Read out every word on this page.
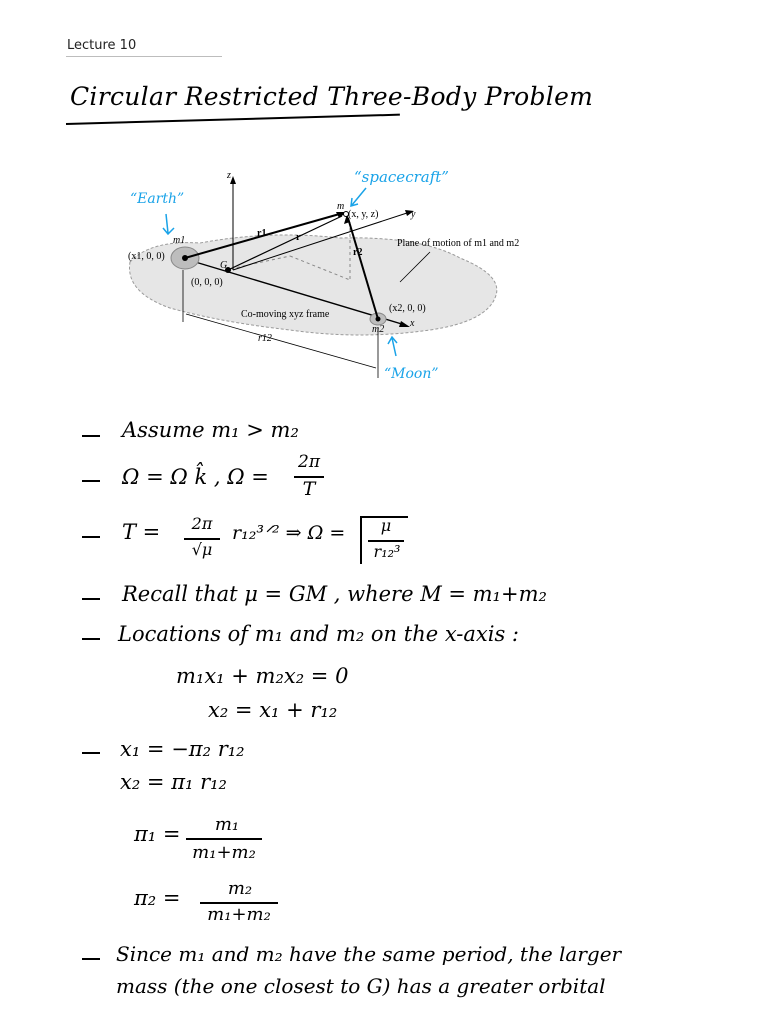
Lecture 10
Circular Restricted Three-Body Problem
“Earth”
“spacecraft”
“Moon”
z
y
x
m
(x, y, z)
m1
(x1, 0, 0)
(0, 0, 0)
G
r1	r
r2
Plane of motion of m1 and m2
(x2, 0, 0)
m2
Co-moving xyz frame
r12
Assume m₁ > m₂
Ω = Ω k̂ , Ω =
2π
T
T =	2π
√μ
r₁₂³ᐟ² ⇒ Ω =	μ
r₁₂³
Recall that μ = GM , where M = m₁+m₂
Locations of m₁ and m₂ on the x-axis :
m₁x₁ + m₂x₂ = 0
x₂ = x₁ + r₁₂
x₁ = −π₂ r₁₂
x₂ = π₁ r₁₂
π₁ =	m₁
m₁+m₂
π₂ =	m₂
m₁+m₂
Since m₁ and m₂ have the same period, the larger
mass (the one closest to G) has a greater orbital
